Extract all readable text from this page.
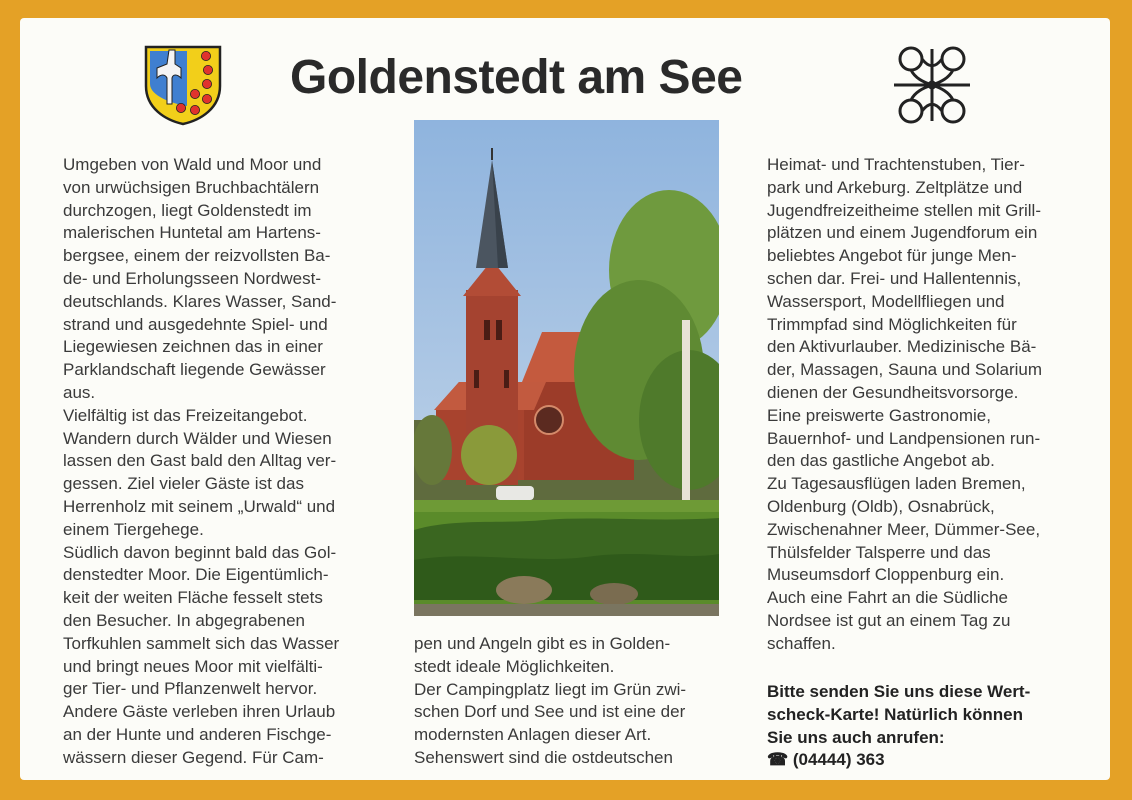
Goldenstedt am See
Umgeben von Wald und Moor und
von urwüchsigen Bruchbachtälern
durchzogen, liegt Goldenstedt im
malerischen Huntetal am Hartens-
bergsee, einem der reizvollsten Ba-
de- und Erholungsseen Nordwest-
deutschlands. Klares Wasser, Sand-
strand und ausgedehnte Spiel- und
Liegewiesen zeichnen das in einer
Parklandschaft liegende Gewässer
aus.
Vielfältig ist das Freizeitangebot.
Wandern durch Wälder und Wiesen
lassen den Gast bald den Alltag ver-
gessen. Ziel vieler Gäste ist das
Herrenholz mit seinem „Urwald“ und
einem Tiergehege.
Südlich davon beginnt bald das Gol-
denstedter Moor. Die Eigentümlich-
keit der weiten Fläche fesselt stets
den Besucher. In abgegrabenen
Torfkuhlen sammelt sich das Wasser
und bringt neues Moor mit vielfälti-
ger Tier- und Pflanzenwelt hervor.
Andere Gäste verleben ihren Urlaub
an der Hunte und anderen Fischge-
wässern dieser Gegend. Für Cam-
pen und Angeln gibt es in Golden-
stedt ideale Möglichkeiten.
Der Campingplatz liegt im Grün zwi-
schen Dorf und See und ist eine der
modernsten Anlagen dieser Art.
Sehenswert sind die ostdeutschen
Heimat- und Trachtenstuben, Tier-
park und Arkeburg. Zeltplätze und
Jugendfreizeitheime stellen mit Grill-
plätzen und einem Jugendforum ein
beliebtes Angebot für junge Men-
schen dar. Frei- und Hallentennis,
Wassersport, Modellfliegen und
Trimmpfad sind Möglichkeiten für
den Aktivurlauber. Medizinische Bä-
der, Massagen, Sauna und Solarium
dienen der Gesundheitsvorsorge.
Eine preiswerte Gastronomie,
Bauernhof- und Landpensionen run-
den das gastliche Angebot ab.
Zu Tagesausflügen laden Bremen,
Oldenburg (Oldb), Osnabrück,
Zwischenahner Meer, Dümmer-See,
Thülsfelder Talsperre und das
Museumsdorf Cloppenburg ein.
Auch eine Fahrt an die Südliche
Nordsee ist gut an einem Tag zu
schaffen.
Bitte senden Sie uns diese Wert-
scheck-Karte! Natürlich können
Sie uns auch anrufen:
☎ (04444) 363
